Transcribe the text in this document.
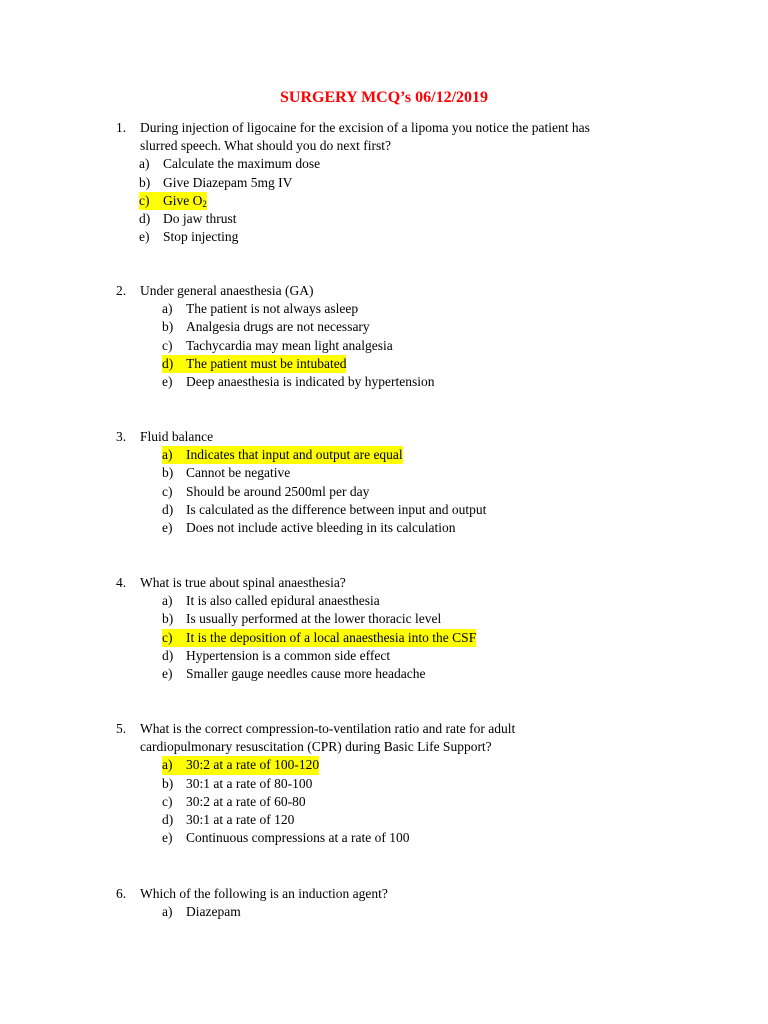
SURGERY MCQ’s 06/12/2019
1.	During injection of ligocaine for the excision of a lipoma you notice the patient has
slurred speech. What should you do next first?
a) Calculate the maximum dose
b) Give Diazepam 5mg IV
c) Give $O_2$
d) Do jaw thrust
e) Stop injecting
2.	Under general anaesthesia (GA)
a) The patient is not always asleep
b) Analgesia drugs are not necessary
c) Tachycardia may mean light analgesia
d) The patient must be intubated
e) Deep anaesthesia is indicated by hypertension
3.	Fluid balance
a) Indicates that input and output are equal
b) Cannot be negative
c) Should be around 2500ml per day
d) Is calculated as the difference between input and output
e) Does not include active bleeding in its calculation
4.	What is true about spinal anaesthesia?
a) It is also called epidural anaesthesia
b) Is usually performed at the lower thoracic level
c) It is the deposition of a local anaesthesia into the CSF
d) Hypertension is a common side effect
e) Smaller gauge needles cause more headache
5.	What is the correct compression-to-ventilation ratio and rate for adult
cardiopulmonary resuscitation (CPR) during Basic Life Support?
a) 30:2 at a rate of 100-120
b) 30:1 at a rate of 80-100
c) 30:2 at a rate of 60-80
d) 30:1 at a rate of 120
e) Continuous compressions at a rate of 100
6.	Which of the following is an induction agent?
a) Diazepam
